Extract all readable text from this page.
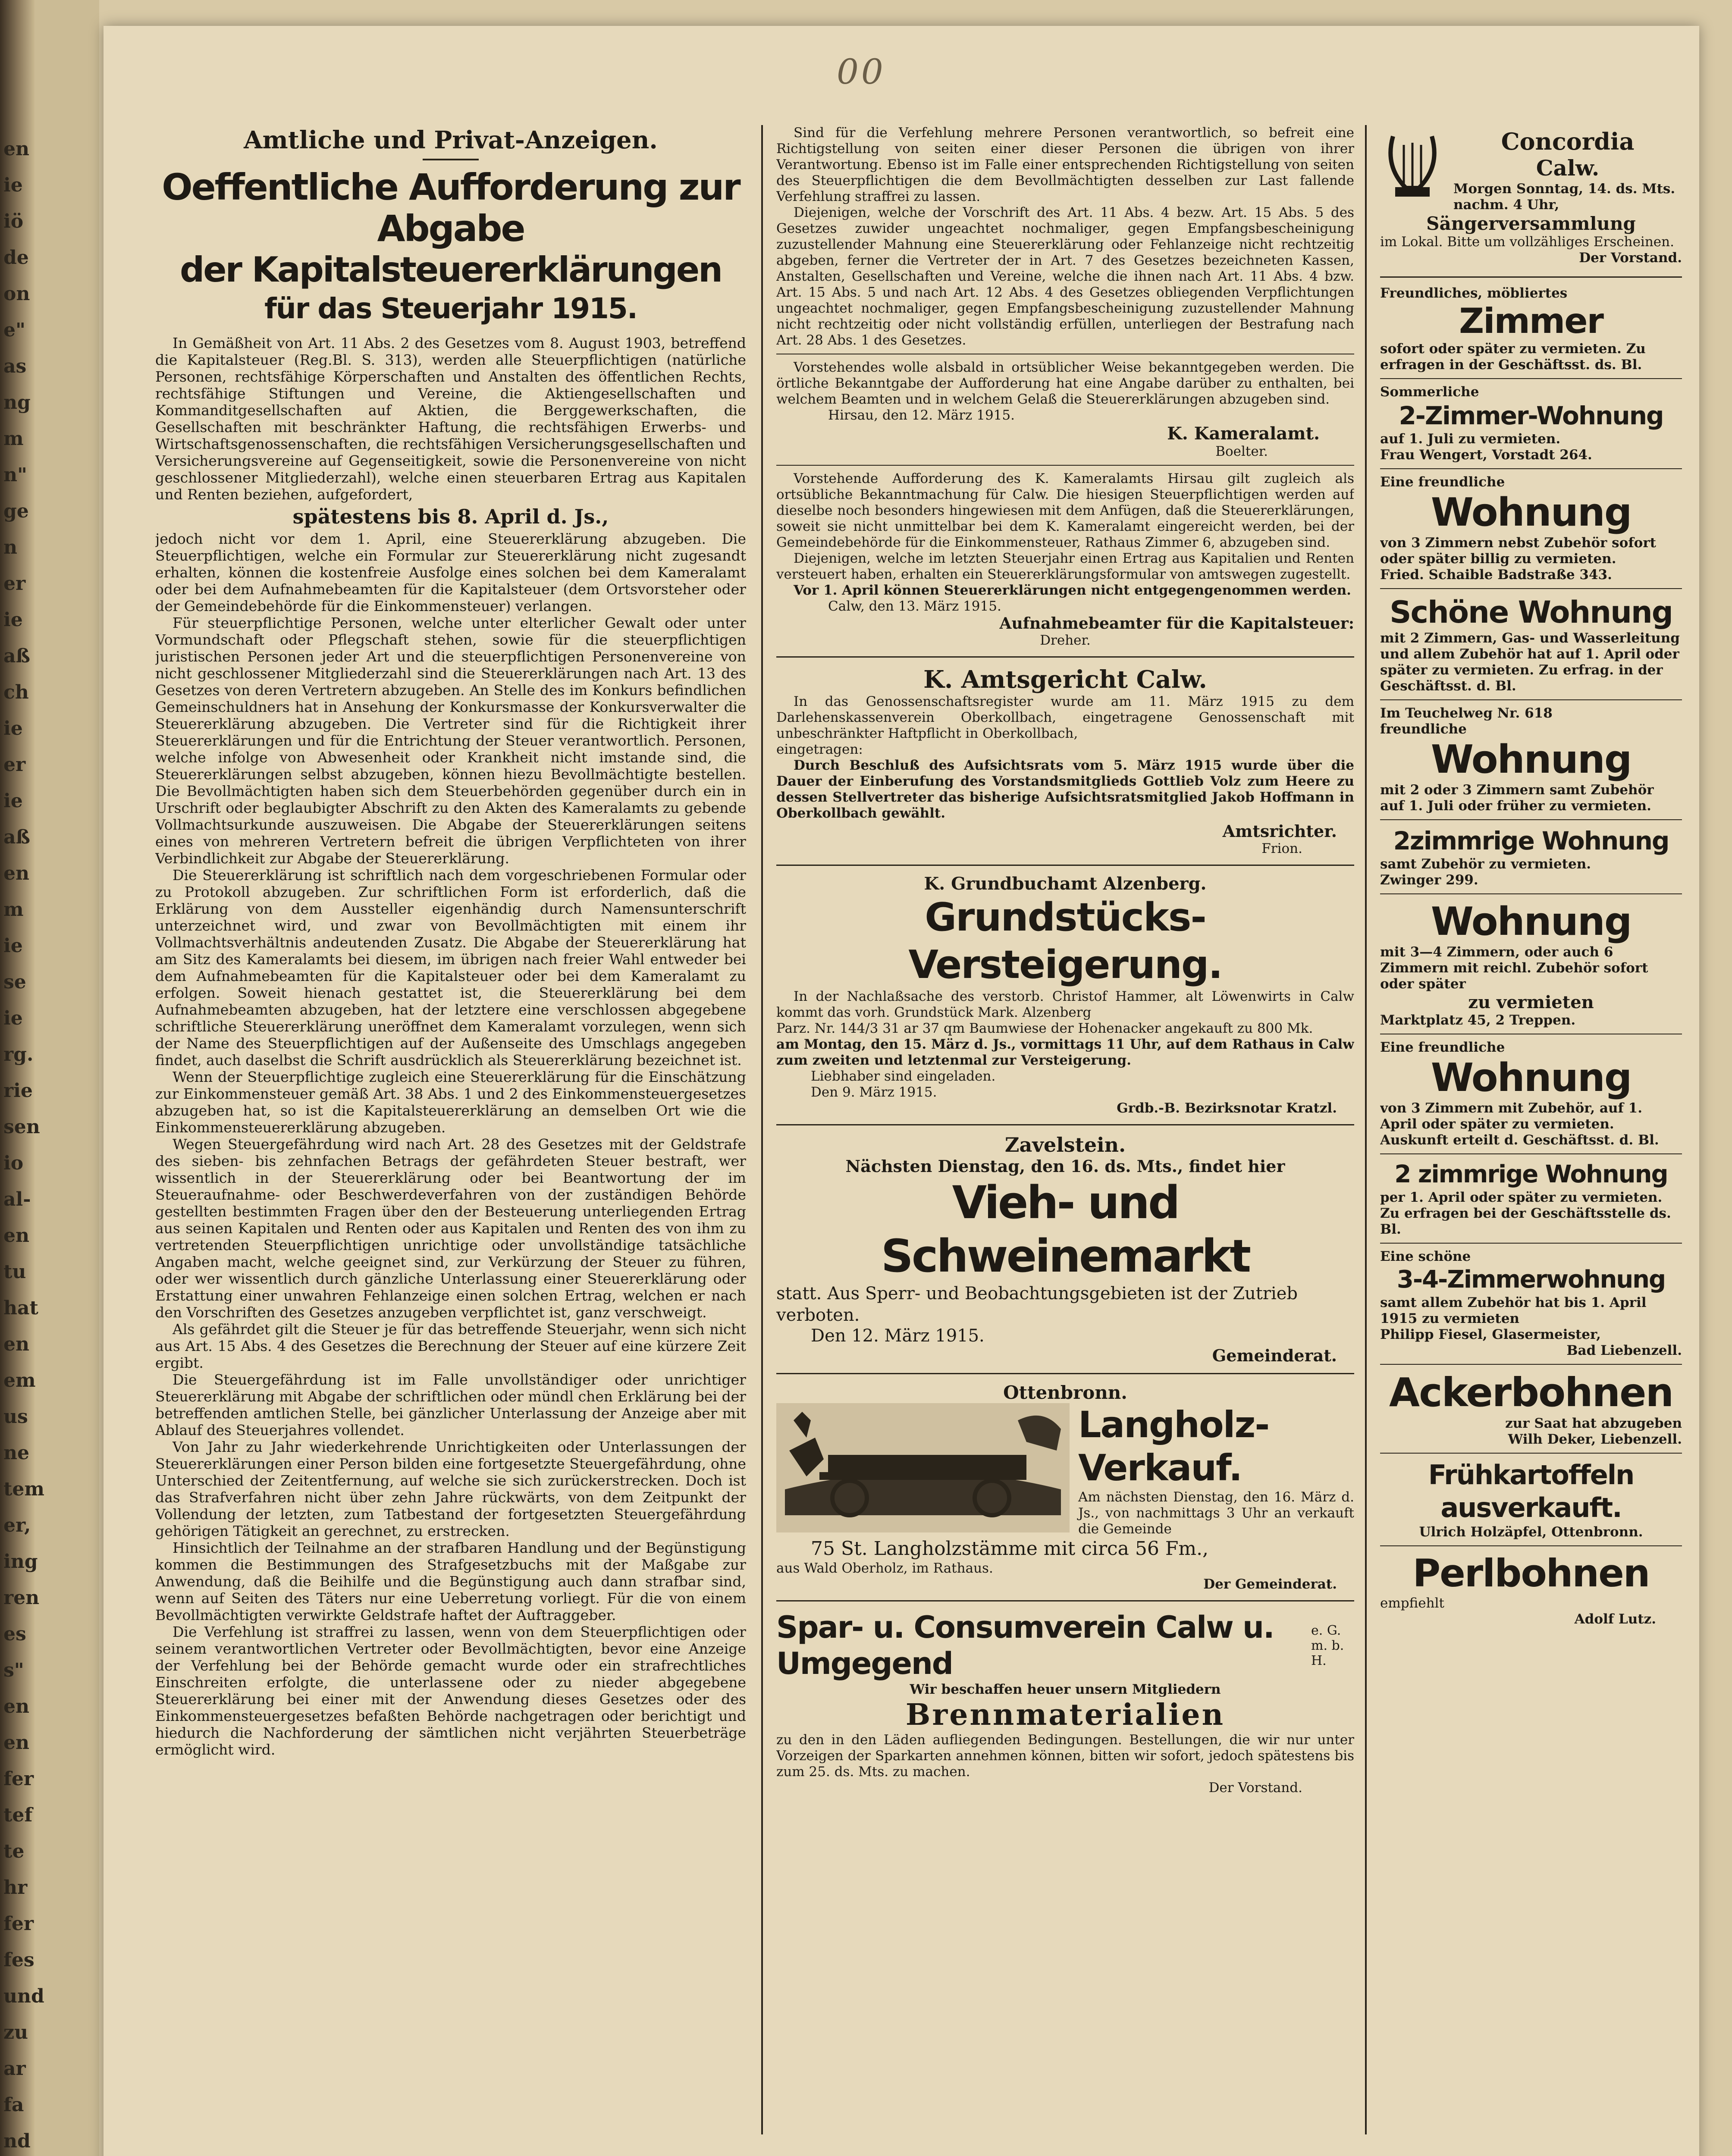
en
ie
iö
de
on
e"
as
ng
m
n"
ge
n
er
ie
aß
ch
ie
er
ie
aß
en
m
ie
se
ie
rg.
rie
sen
io
al-
en
tu
hat
en
em
us
ne
tem
er,
ing
ren
es
s"
en
en
fer
tef
te
hr
fer
fes
und
zu
ar
fa
nd
00

Amtliche und Privat-Anzeigen.

Oeffentliche Aufforderung zur Abgabe

der Kapitalsteuererklärungen

für das Steuerjahr 1915.

In Gemäßheit von Art. 11 Abs. 2 des Gesetzes vom 8. August 1903, betreffend die Kapitalsteuer (Reg.Bl. S. 313), werden alle Steuerpflichtigen (natürliche Personen, rechtsfähige Körperschaften und Anstalten des öffentlichen Rechts, rechtsfähige Stiftungen und Vereine, die Aktiengesellschaften und Kommanditgesellschaften auf Aktien, die Berggewerkschaften, die Gesellschaften mit beschränkter Haftung, die rechtsfähigen Erwerbs- und Wirtschaftsgenossenschaften, die rechtsfähigen Versicherungsgesellschaften und Versicherungsvereine auf Gegenseitigkeit, sowie die Personenvereine von nicht geschlossener Mitgliederzahl), welche einen steuerbaren Ertrag aus Kapitalen und Renten beziehen, aufgefordert,

spätestens bis 8. April d. Js.,

jedoch nicht vor dem 1. April, eine Steuererklärung abzugeben. Die Steuerpflichtigen, welche ein Formular zur Steuererklärung nicht zugesandt erhalten, können die kostenfreie Ausfolge eines solchen bei dem Kameralamt oder bei dem Aufnahmebeamten für die Kapitalsteuer (dem Ortsvorsteher oder der Gemeindebehörde für die Einkommensteuer) verlangen.

Für steuerpflichtige Personen, welche unter elterlicher Gewalt oder unter Vormundschaft oder Pflegschaft stehen, sowie für die steuerpflichtigen juristischen Personen jeder Art und die steuerpflichtigen Personenvereine von nicht geschlossener Mitgliederzahl sind die Steuererklärungen nach Art. 13 des Gesetzes von deren Vertretern abzugeben. An Stelle des im Konkurs befindlichen Gemeinschuldners hat in Ansehung der Konkursmasse der Konkursverwalter die Steuererklärung abzugeben. Die Vertreter sind für die Richtigkeit ihrer Steuererklärungen und für die Entrichtung der Steuer verantwortlich. Personen, welche infolge von Abwesenheit oder Krankheit nicht imstande sind, die Steuererklärungen selbst abzugeben, können hiezu Bevollmächtigte bestellen. Die Bevollmächtigten haben sich dem Steuerbehörden gegenüber durch ein in Urschrift oder beglaubigter Abschrift zu den Akten des Kameralamts zu gebende Vollmachtsurkunde auszuweisen. Die Abgabe der Steuererklärungen seitens eines von mehreren Vertretern befreit die übrigen Verpflichteten von ihrer Verbindlichkeit zur Abgabe der Steuererklärung.

Die Steuererklärung ist schriftlich nach dem vorgeschriebenen Formular oder zu Protokoll abzugeben. Zur schriftlichen Form ist erforderlich, daß die Erklärung von dem Aussteller eigenhändig durch Namensunterschrift unterzeichnet wird, und zwar von Bevollmächtigten mit einem ihr Vollmachtsverhältnis andeutenden Zusatz. Die Abgabe der Steuererklärung hat am Sitz des Kameralamts bei diesem, im übrigen nach freier Wahl entweder bei dem Aufnahmebeamten für die Kapitalsteuer oder bei dem Kameralamt zu erfolgen. Soweit hienach gestattet ist, die Steuererklärung bei dem Aufnahmebeamten abzugeben, hat der letztere eine verschlossen abgegebene schriftliche Steuererklärung uneröffnet dem Kameralamt vorzulegen, wenn sich der Name des Steuerpflichtigen auf der Außenseite des Umschlags angegeben findet, auch daselbst die Schrift ausdrücklich als Steuererklärung bezeichnet ist.

Wenn der Steuerpflichtige zugleich eine Steuererklärung für die Einschätzung zur Einkommensteuer gemäß Art. 38 Abs. 1 und 2 des Einkommensteuergesetzes abzugeben hat, so ist die Kapitalsteuererklärung an demselben Ort wie die Einkommensteuererklärung abzugeben.

Wegen Steuergefährdung wird nach Art. 28 des Gesetzes mit der Geldstrafe des sieben- bis zehnfachen Betrags der gefährdeten Steuer bestraft, wer wissentlich in der Steuererklärung oder bei Beantwortung der im Steueraufnahme- oder Beschwerdeverfahren von der zuständigen Behörde gestellten bestimmten Fragen über den der Besteuerung unterliegenden Ertrag aus seinen Kapitalen und Renten oder aus Kapitalen und Renten des von ihm zu vertretenden Steuerpflichtigen unrichtige oder unvollständige tatsächliche Angaben macht, welche geeignet sind, zur Verkürzung der Steuer zu führen, oder wer wissentlich durch gänzliche Unterlassung einer Steuererklärung oder Erstattung einer unwahren Fehlanzeige einen solchen Ertrag, welchen er nach den Vorschriften des Gesetzes anzugeben verpflichtet ist, ganz verschweigt.

Als gefährdet gilt die Steuer je für das betreffende Steuerjahr, wenn sich nicht aus Art. 15 Abs. 4 des Gesetzes die Berechnung der Steuer auf eine kürzere Zeit ergibt.

Die Steuergefährdung ist im Falle unvollständiger oder unrichtiger Steuererklärung mit Abgabe der schriftlichen oder mündl chen Erklärung bei der betreffenden amtlichen Stelle, bei gänzlicher Unterlassung der Anzeige aber mit Ablauf des Steuerjahres vollendet.

Von Jahr zu Jahr wiederkehrende Unrichtigkeiten oder Unterlassungen der Steuererklärungen einer Person bilden eine fortgesetzte Steuergefährdung, ohne Unterschied der Zeitentfernung, auf welche sie sich zurückerstrecken. Doch ist das Strafverfahren nicht über zehn Jahre rückwärts, von dem Zeitpunkt der Vollendung der letzten, zum Tatbestand der fortgesetzten Steuergefährdung gehörigen Tätigkeit an gerechnet, zu erstrecken.

Hinsichtlich der Teilnahme an der strafbaren Handlung und der Begünstigung kommen die Bestimmungen des Strafgesetzbuchs mit der Maßgabe zur Anwendung, daß die Beihilfe und die Begünstigung auch dann strafbar sind, wenn auf Seiten des Täters nur eine Ueberretung vorliegt. Für die von einem Bevollmächtigten verwirkte Geldstrafe haftet der Auftraggeber.

Die Verfehlung ist straffrei zu lassen, wenn von dem Steuerpflichtigen oder seinem verantwortlichen Vertreter oder Bevollmächtigten, bevor eine Anzeige der Verfehlung bei der Behörde gemacht wurde oder ein strafrechtliches Einschreiten erfolgte, die unterlassene oder zu nieder abgegebene Steuererklärung bei einer mit der Anwendung dieses Gesetzes oder des Einkommensteuergesetzes befaßten Behörde nachgetragen oder berichtigt und hiedurch die Nachforderung der sämtlichen nicht verjährten Steuerbeträge ermöglicht wird.

Sind für die Verfehlung mehrere Personen verantwortlich, so befreit eine Richtigstellung von seiten einer dieser Personen die übrigen von ihrer Verantwortung. Ebenso ist im Falle einer entsprechenden Richtigstellung von seiten des Steuerpflichtigen die dem Bevollmächtigten desselben zur Last fallende Verfehlung straffrei zu lassen.

Diejenigen, welche der Vorschrift des Art. 11 Abs. 4 bezw. Art. 15 Abs. 5 des Gesetzes zuwider ungeachtet nochmaliger, gegen Empfangsbescheinigung zuzustellender Mahnung eine Steuererklärung oder Fehlanzeige nicht rechtzeitig abgeben, ferner die Vertreter der in Art. 7 des Gesetzes bezeichneten Kassen, Anstalten, Gesellschaften und Vereine, welche die ihnen nach Art. 11 Abs. 4 bzw. Art. 15 Abs. 5 und nach Art. 12 Abs. 4 des Gesetzes obliegenden Verpflichtungen ungeachtet nochmaliger, gegen Empfangsbescheinigung zuzustellender Mahnung nicht rechtzeitig oder nicht vollständig erfüllen, unterliegen der Bestrafung nach Art. 28 Abs. 1 des Gesetzes.

Vorstehendes wolle alsbald in ortsüblicher Weise bekanntgegeben werden. Die örtliche Bekanntgabe der Aufforderung hat eine Angabe darüber zu enthalten, bei welchem Beamten und in welchem Gelaß die Steuererklärungen abzugeben sind.

Hirsau, den 12. März 1915.

K. Kameralamt.

Boelter.

Vorstehende Aufforderung des K. Kameralamts Hirsau gilt zugleich als ortsübliche Bekanntmachung für Calw. Die hiesigen Steuerpflichtigen werden auf dieselbe noch besonders hingewiesen mit dem Anfügen, daß die Steuererklärungen, soweit sie nicht unmittelbar bei dem K. Kameralamt eingereicht werden, bei der Gemeindebehörde für die Einkommensteuer, Rathaus Zimmer 6, abzugeben sind.

Diejenigen, welche im letzten Steuerjahr einen Ertrag aus Kapitalien und Renten versteuert haben, erhalten ein Steuererklärungsformular von amtswegen zugestellt.

Vor 1. April können Steuererklärungen nicht entgegengenommen werden.

Calw, den 13. März 1915.

Aufnahmebeamter für die Kapitalsteuer:

Dreher.

K. Amtsgericht Calw.

In das Genossenschaftsregister wurde am 11. März 1915 zu dem Darlehenskassenverein Oberkollbach, eingetragene Genossenschaft mit unbeschränkter Haftpflicht in Oberkollbach,

eingetragen:

Durch Beschluß des Aufsichtsrats vom 5. März 1915 wurde über die Dauer der Einberufung des Vorstandsmitglieds Gottlieb Volz zum Heere zu dessen Stellvertreter das bisherige Aufsichtsratsmitglied Jakob Hoffmann in Oberkollbach gewählt.

Amtsrichter.

Frion.

K. Grundbuchamt Alzenberg.

Grundstücks-Versteigerung.

In der Nachlaßsache des verstorb. Christof Hammer, alt Löwenwirts in Calw kommt das vorh. Grundstück Mark. Alzenberg

Parz. Nr. 144/3 31 ar 37 qm Baumwiese der Hohenacker angekauft zu 800 Mk.

am Montag, den 15. März d. Js., vormittags 11 Uhr, auf dem Rathaus in Calw zum zweiten und letztenmal zur Versteigerung.

Liebhaber sind eingeladen.

Den 9. März 1915.

Grdb.-B. Bezirksnotar Kratzl.

Zavelstein.

Nächsten Dienstag, den 16. ds. Mts., findet hier

Vieh- und Schweinemarkt

statt. Aus Sperr- und Beobachtungsgebieten ist der Zutrieb verboten.

Den 12. März 1915.

Gemeinderat.

Ottenbronn.

Langholz-Verkauf.

Am nächsten Dienstag, den 16. März d. Js., von nachmittags 3 Uhr an verkauft die Gemeinde

75 St. Langholzstämme mit circa 56 Fm.,

aus Wald Oberholz, im Rathaus.

Der Gemeinderat.

Spar- u. Consumverein Calw u. Umgegend

e. G. m. b. H.

Wir beschaffen heuer unsern Mitgliedern

Brennmaterialien

zu den in den Läden aufliegenden Bedingungen. Bestellungen, die wir nur unter Vorzeigen der Sparkarten annehmen können, bitten wir sofort, jedoch spätestens bis zum 25. ds. Mts. zu machen.

Der Vorstand.

Concordia

Calw.

Morgen Sonntag, 14. ds. Mts. nachm. 4 Uhr,

Sängerversammlung

im Lokal. Bitte um vollzähliges Erscheinen.

Der Vorstand.

Freundliches, möbliertes

Zimmer

sofort oder später zu vermieten. Zu erfragen in der Geschäftsst. ds. Bl.

Sommerliche

2-Zimmer-Wohnung

auf 1. Juli zu vermieten.

Frau Wengert, Vorstadt 264.

Eine freundliche

Wohnung

von 3 Zimmern nebst Zubehör sofort oder später billig zu vermieten.

Fried. Schaible Badstraße 343.

Schöne Wohnung

mit 2 Zimmern, Gas- und Wasserleitung und allem Zubehör hat auf 1. April oder später zu vermieten. Zu erfrag. in der Geschäftsst. d. Bl.

Im Teuchelweg Nr. 618

freundliche

Wohnung

mit 2 oder 3 Zimmern samt Zubehör auf 1. Juli oder früher zu vermieten.

2zimmrige Wohnung

samt Zubehör zu vermieten.

Zwinger 299.

Wohnung

mit 3—4 Zimmern, oder auch 6 Zimmern mit reichl. Zubehör sofort oder später

zu vermieten

Marktplatz 45, 2 Treppen.

Eine freundliche

Wohnung

von 3 Zimmern mit Zubehör, auf 1. April oder später zu vermieten.

Auskunft erteilt d. Geschäftsst. d. Bl.

2 zimmrige Wohnung

per 1. April oder später zu vermieten. Zu erfragen bei der Geschäftsstelle ds. Bl.

Eine schöne

3-4-Zimmerwohnung

samt allem Zubehör hat bis 1. April 1915 zu vermieten

Philipp Fiesel, Glasermeister,

Bad Liebenzell.

Ackerbohnen

zur Saat hat abzugeben

Wilh Deker, Liebenzell.

Frühkartoffeln ausverkauft.

Ulrich Holzäpfel, Ottenbronn.

Perlbohnen

empfiehlt

Adolf Lutz.
